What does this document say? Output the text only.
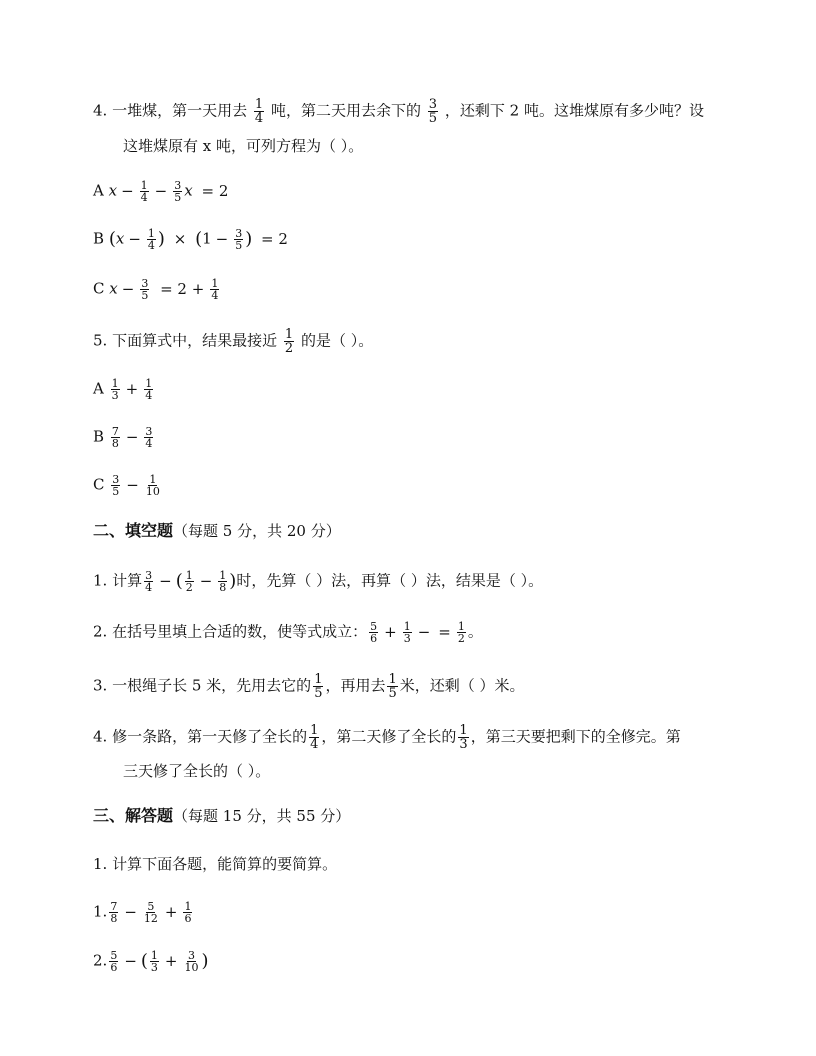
4. 一堆煤，第一天用去 $\frac{1}{4}$ 吨，第二天用去余下的 $\frac{3}{5}$ ，还剩下 2 吨。这堆煤原有多少吨？设
这堆煤原有 x 吨，可列方程为（ ）。
A $x - \frac{1}{4} - \frac{3}{5}$ x = 2
B ($x - \frac{1}{4}$ ) × ($1 - \frac{3}{5}$ ) = 2
C $x - \frac{3}{5} = 2 + \frac{1}{4}$
5. 下面算式中，结果最接近 $\frac{1}{2}$ 的是（ ）。
A $\frac{1}{3} + \frac{1}{4}$
B $\frac{7}{8} - \frac{3}{4}$
C $\frac{3}{5} - \frac{1}{10}$
二、填空题（每题 5 分，共 20 分）
1. 计算 $\frac{3}{4}$ − ( $\frac{1}{2} - \frac{1}{8}$ )时，先算（ ）法，再算（ ）法，结果是（ ）。
2. 在括号里填上合适的数，使等式成立： $\frac{5}{6} + \frac{1}{3}$ − = $\frac{1}{2}$ 。
3. 一根绳子长 5 米，先用去它的 $\frac{1}{5}$ ，再用去 $\frac{1}{5}$ 米，还剩（ ）米。
4. 修一条路，第一天修了全长的 $\frac{1}{4}$ ，第二天修了全长的 $\frac{1}{3}$ ，第三天要把剩下的全修完。第
三天修了全长的（ ）。
三、解答题（每题 15 分，共 55 分）
1. 计算下面各题，能简算的要简算。
1. $\frac{7}{8} - \frac{5}{12} + \frac{1}{6}$
2. $\frac{5}{6}$ − ( $\frac{1}{3} + \frac{3}{10}$ )
